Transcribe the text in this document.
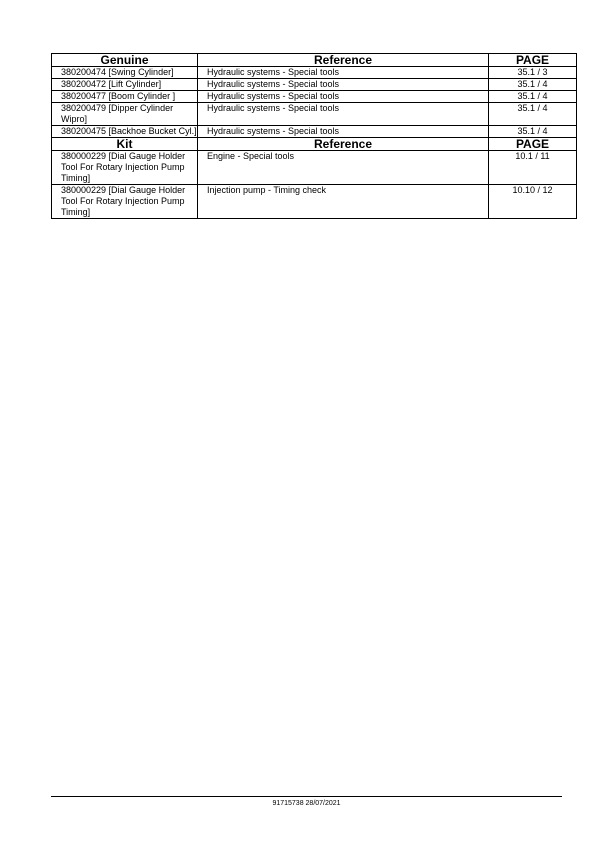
Genuine	Reference	PAGE
380200474 [Swing Cylinder]	Hydraulic systems - Special tools	35.1 / 3
380200472 [Lift Cylinder]	Hydraulic systems - Special tools	35.1 / 4
380200477 [Boom Cylinder ]	Hydraulic systems - Special tools	35.1 / 4
380200479 [Dipper Cylinder Wipro]	Hydraulic systems - Special tools	35.1 / 4
380200475 [Backhoe Bucket Cyl.]	Hydraulic systems - Special tools	35.1 / 4
Kit	Reference	PAGE
380000229 [Dial Gauge Holder Tool For Rotary Injection Pump Timing]	Engine - Special tools	10.1 / 11
380000229 [Dial Gauge Holder Tool For Rotary Injection Pump Timing]	Injection pump - Timing check	10.10 / 12
91715738 28/07/2021
